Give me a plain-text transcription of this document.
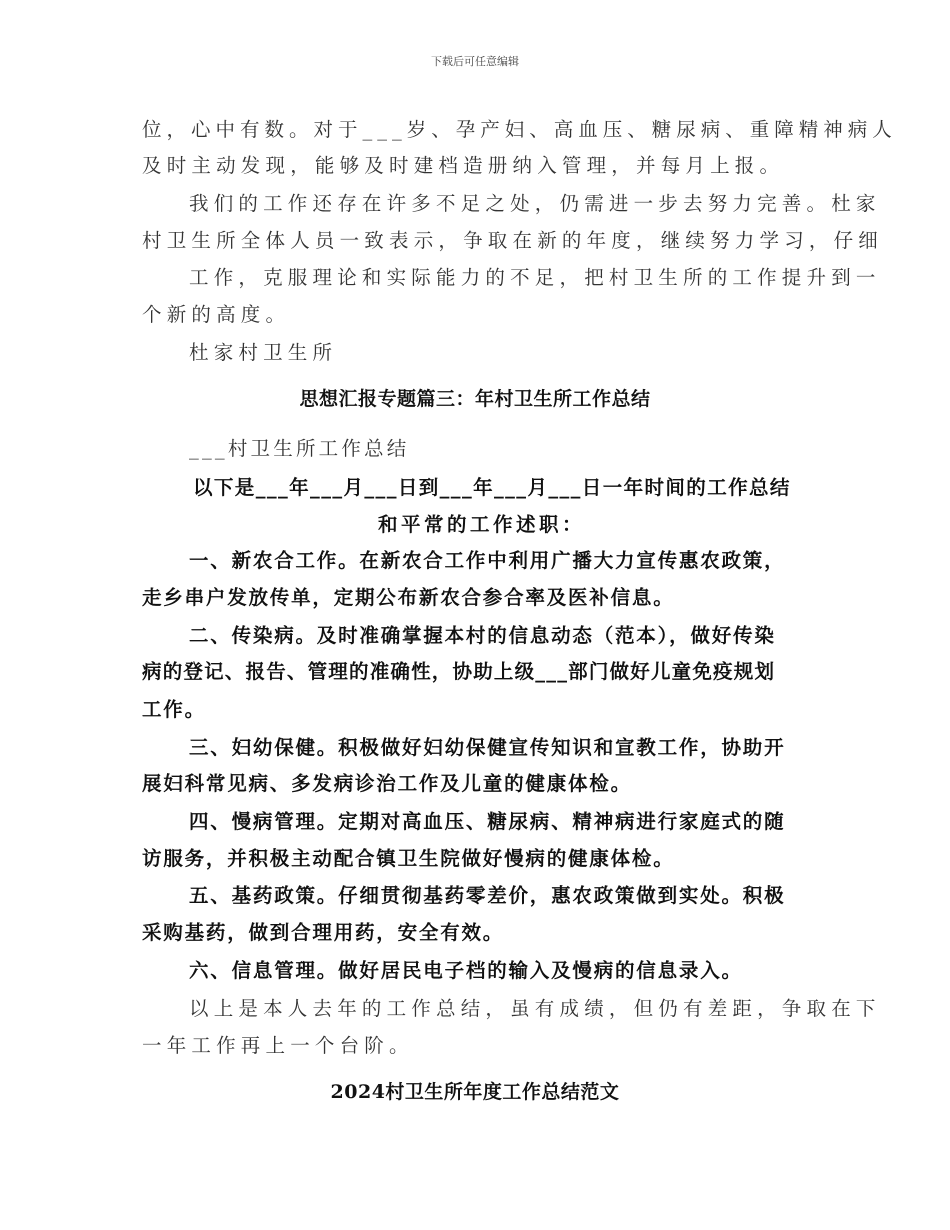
下载后可任意编辑
位，心中有数。对于___岁、孕产妇、高血压、糖尿病、重障精神病人
及时主动发现，能够及时建档造册纳入管理，并每月上报。
我们的工作还存在许多不足之处，仍需进一步去努力完善。杜家
村卫生所全体人员一致表示，争取在新的年度，继续努力学习，仔细
工作，克服理论和实际能力的不足，把村卫生所的工作提升到一
个新的高度。
杜家村卫生所
思想汇报专题篇三：年村卫生所工作总结
___村卫生所工作总结
以下是___年___月___日到___年___月___日一年时间的工作总结
和平常的工作述职：
一、新农合工作。在新农合工作中利用广播大力宣传惠农政策，
走乡串户发放传单，定期公布新农合参合率及医补信息。
二、传染病。及时准确掌握本村的信息动态（范本），做好传染
病的登记、报告、管理的准确性，协助上级___部门做好儿童免疫规划
工作。
三、妇幼保健。积极做好妇幼保健宣传知识和宣教工作，协助开
展妇科常见病、多发病诊治工作及儿童的健康体检。
四、慢病管理。定期对高血压、糖尿病、精神病进行家庭式的随
访服务，并积极主动配合镇卫生院做好慢病的健康体检。
五、基药政策。仔细贯彻基药零差价，惠农政策做到实处。积极
采购基药，做到合理用药，安全有效。
六、信息管理。做好居民电子档的输入及慢病的信息录入。
以上是本人去年的工作总结，虽有成绩，但仍有差距，争取在下
一年工作再上一个台阶。
2024村卫生所年度工作总结范文
